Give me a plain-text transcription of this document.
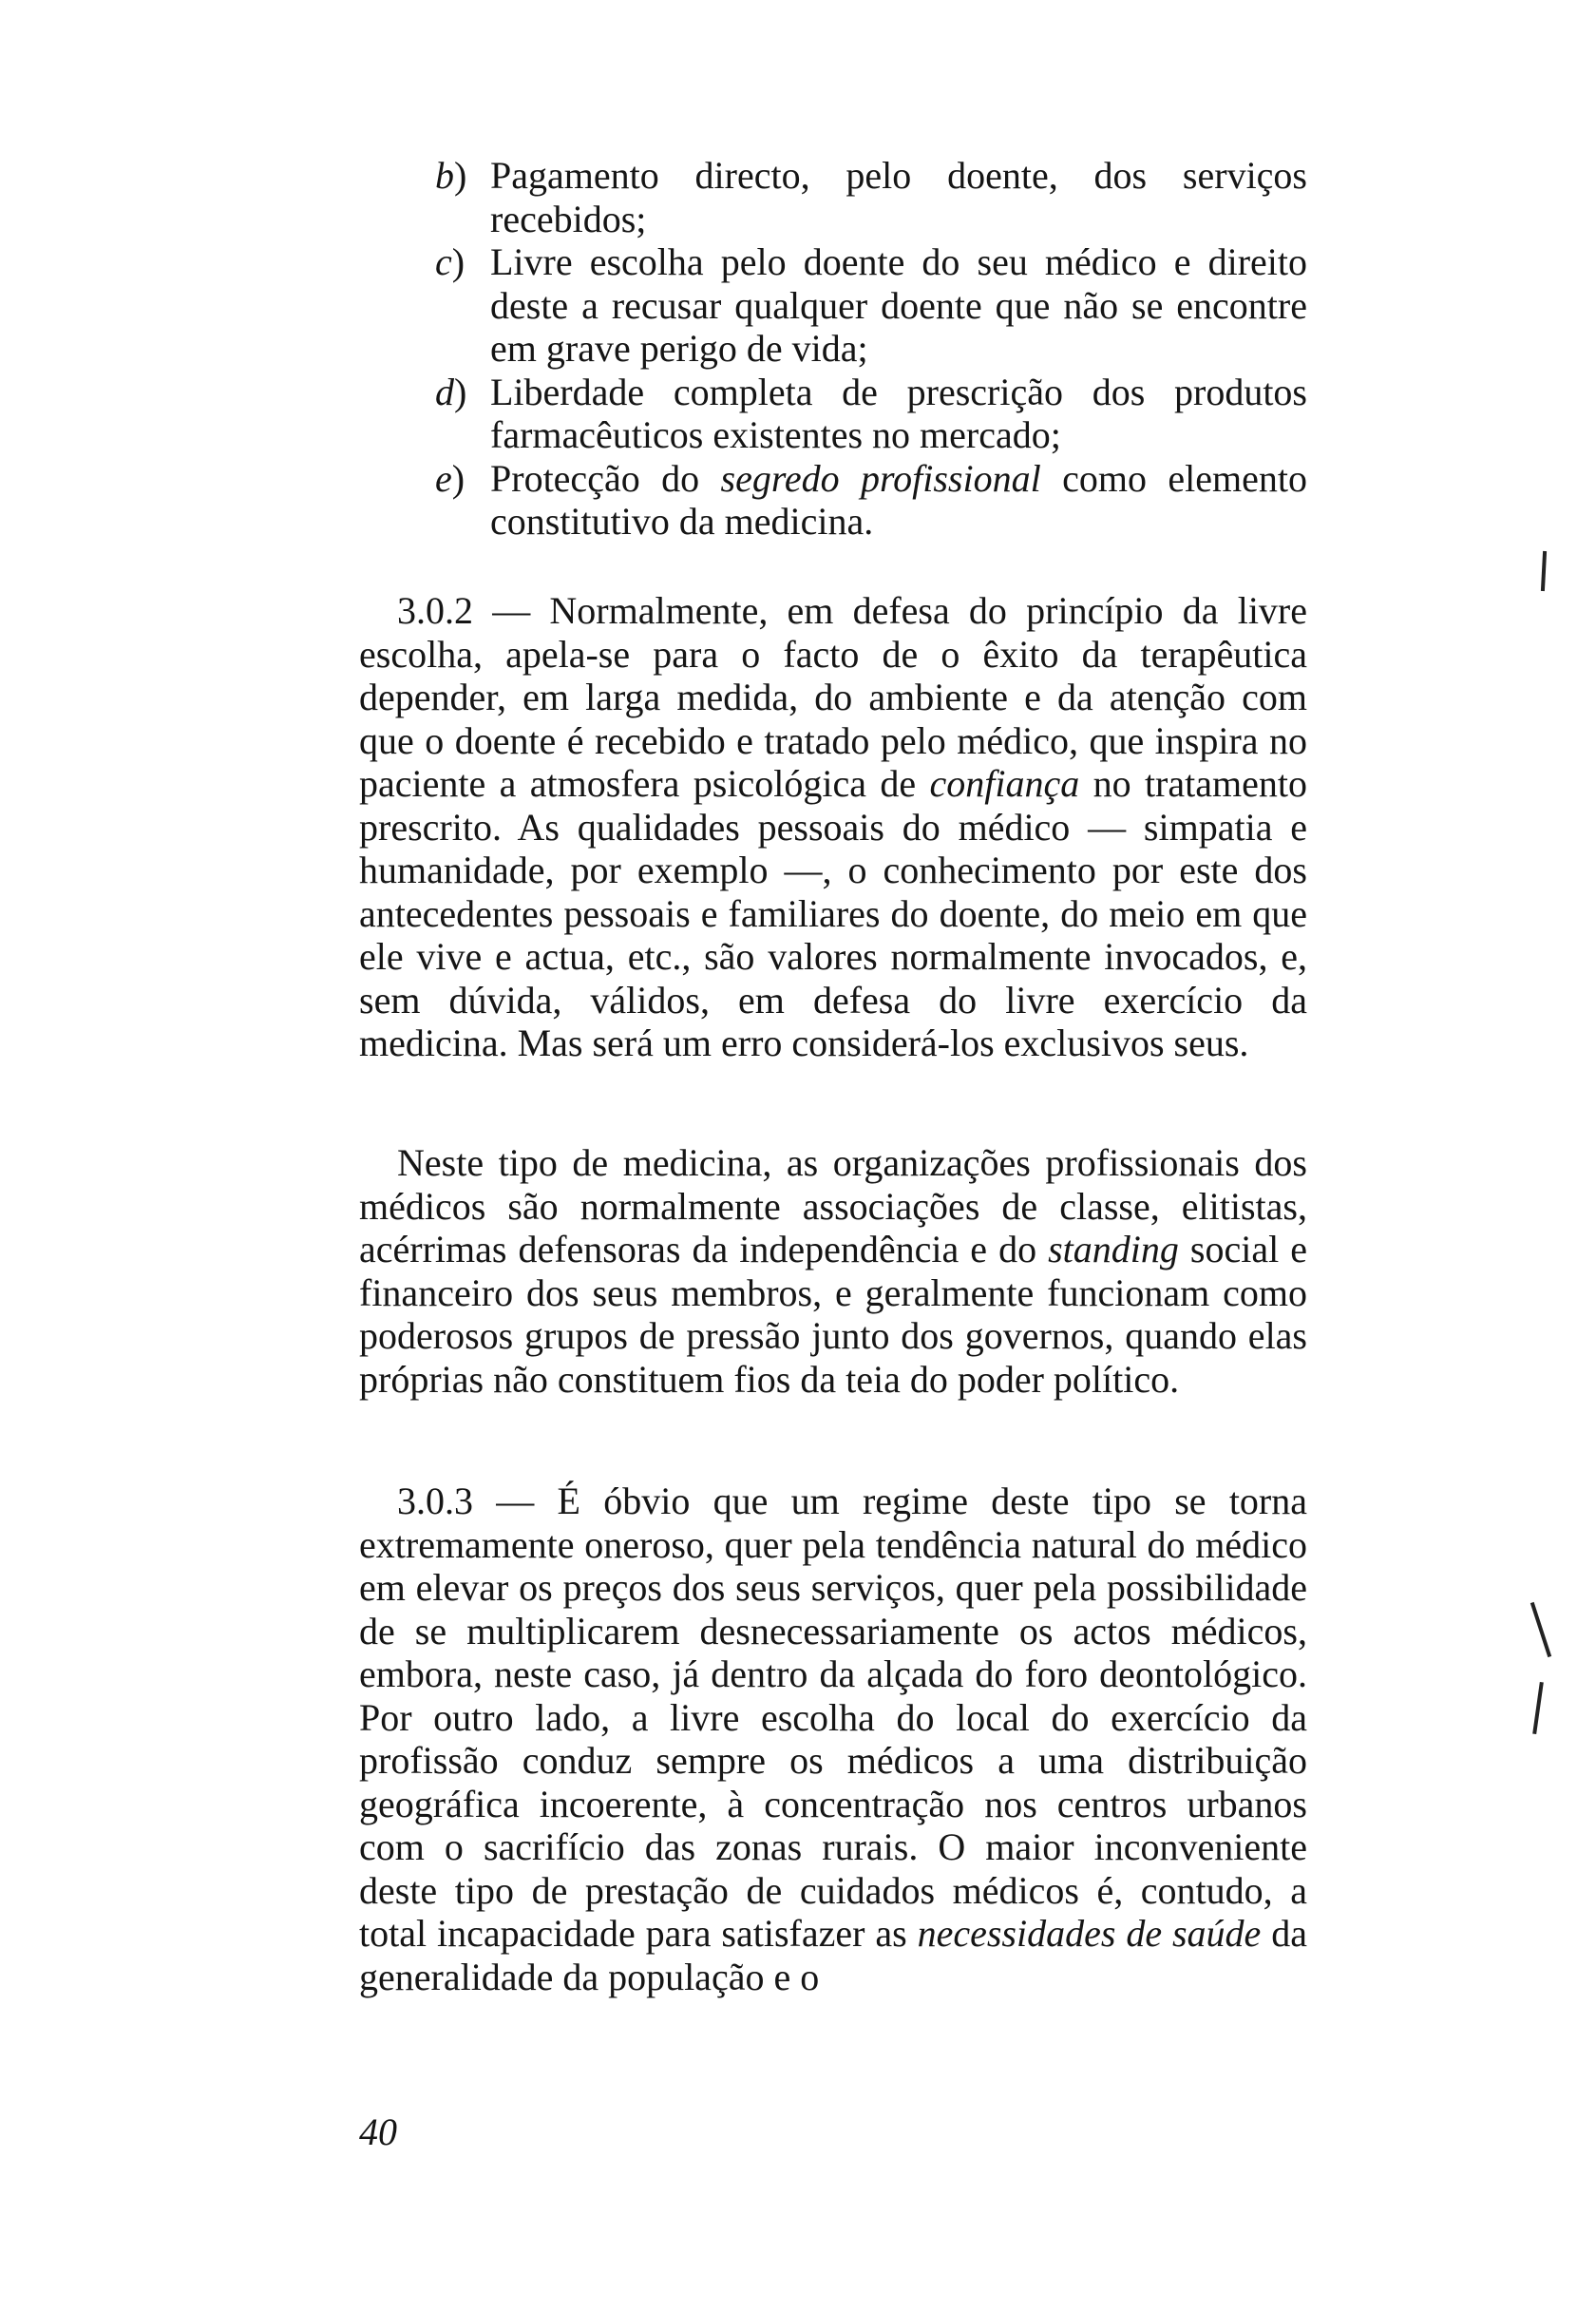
b) Pagamento directo, pelo doente, dos serviços recebidos;
c) Livre escolha pelo doente do seu médico e direito deste a recusar qualquer doente que não se encontre em grave perigo de vida;
d) Liberdade completa de prescrição dos produtos farmacêuticos existentes no mercado;
e) Protecção do segredo profissional como elemento constitutivo da medicina.

3.0.2 — Normalmente, em defesa do princípio da livre escolha, apela-se para o facto de o êxito da terapêutica depender, em larga medida, do ambiente e da atenção com que o doente é recebido e tratado pelo médico, que inspira no paciente a atmosfera psicológica de confiança no tratamento prescrito. As qualidades pessoais do médico — simpatia e humanidade, por exemplo —, o conhecimento por este dos antecedentes pessoais e familiares do doente, do meio em que ele vive e actua, etc., são valores normalmente invocados, e, sem dúvida, válidos, em defesa do livre exercício da medicina. Mas será um erro considerá-los exclusivos seus.

Neste tipo de medicina, as organizações profissionais dos médicos são normalmente associações de classe, elitistas, acérrimas defensoras da independência e do standing social e financeiro dos seus membros, e geralmente funcionam como poderosos grupos de pressão junto dos governos, quando elas próprias não constituem fios da teia do poder político.

3.0.3 — É óbvio que um regime deste tipo se torna extremamente oneroso, quer pela tendência natural do médico em elevar os preços dos seus serviços, quer pela possibilidade de se multiplicarem desnecessariamente os actos médicos, embora, neste caso, já dentro da alçada do foro deontológico. Por outro lado, a livre escolha do local do exercício da profissão conduz sempre os médicos a uma distribuição geográfica incoerente, à concentração nos centros urbanos com o sacrifício das zonas rurais. O maior inconveniente deste tipo de prestação de cuidados médicos é, contudo, a total incapacidade para satisfazer as necessidades de saúde da generalidade da população e o

40
